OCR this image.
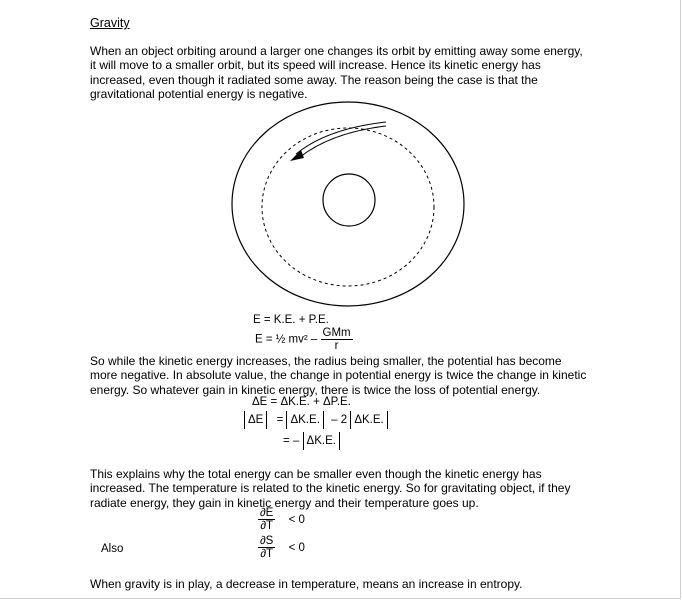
Gravity
When an object orbiting around a larger one changes its orbit by emitting away some energy, it will move to a smaller orbit, but its speed will increase. Hence its kinetic energy has increased, even though it radiated some away. The reason being the case is that the gravitational potential energy is negative.
E = K.E. + P.E.
E = ½ $mv^2 - \frac{\text{GMm}}{r}$
So while the kinetic energy increases, the radius being smaller, the potential has become more negative. In absolute value, the change in potential energy is twice the change in kinetic energy. So whatever gain in kinetic energy, there is twice the loss of potential energy.
ΔE = ΔK.E. + ΔP.E.
ΔE = ΔK.E. – 2 ΔK.E.
= – ΔK.E.
This explains why the total energy can be smaller even though the kinetic energy has increased. The temperature is related to the kinetic energy. So for gravitating object, if they radiate energy, they gain in kinetic energy and their temperature goes up.
$\frac{\partial E}{\partial T} < 0$
Also	$\frac{\partial S}{\partial T} < 0$
When gravity is in play, a decrease in temperature, means an increase in entropy.
